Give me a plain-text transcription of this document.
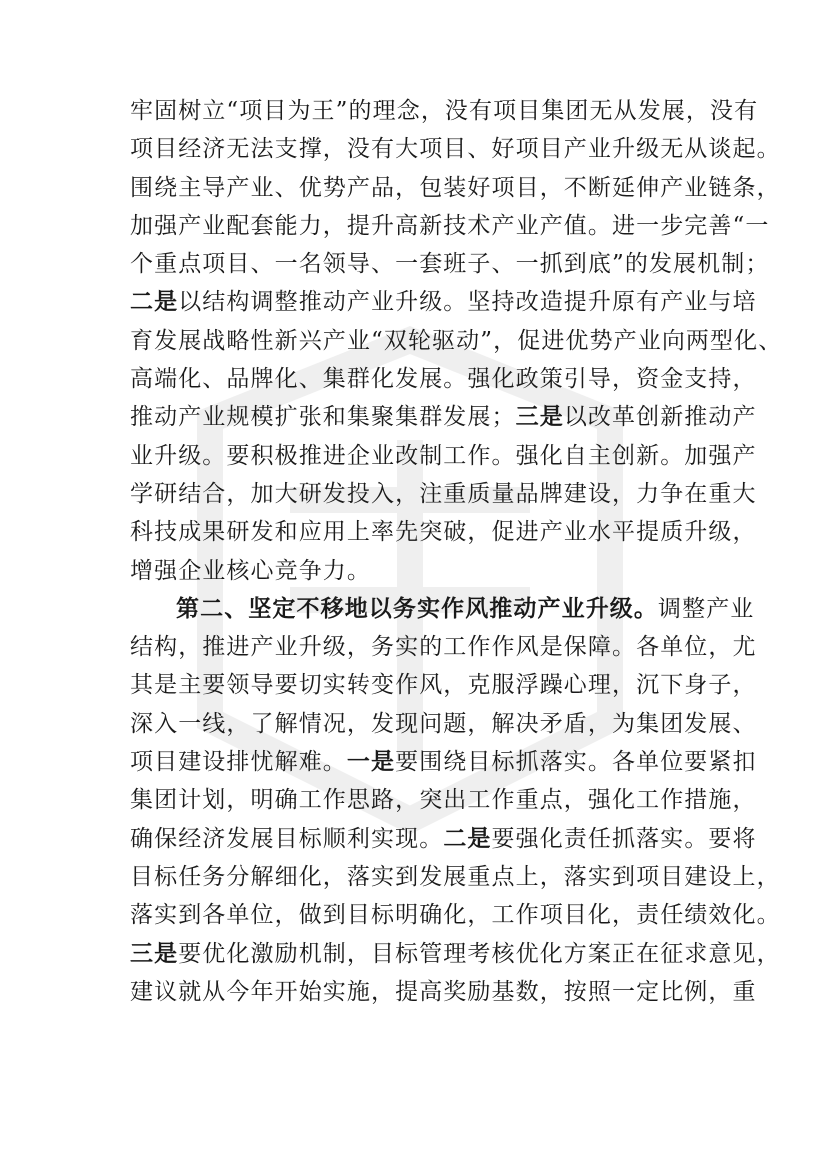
牢固树立“项目为王”的理念，没有项目集团无从发展，没有
项目经济无法支撑，没有大项目、好项目产业升级无从谈起。
围绕主导产业、优势产品，包装好项目，不断延伸产业链条，
加强产业配套能力，提升高新技术产业产值。进一步完善“一
个重点项目、一名领导、一套班子、一抓到底”的发展机制；
二是以结构调整推动产业升级。坚持改造提升原有产业与培
育发展战略性新兴产业“双轮驱动”，促进优势产业向两型化、
高端化、品牌化、集群化发展。强化政策引导，资金支持，
推动产业规模扩张和集聚集群发展；三是以改革创新推动产
业升级。要积极推进企业改制工作。强化自主创新。加强产
学研结合，加大研发投入，注重质量品牌建设，力争在重大
科技成果研发和应用上率先突破，促进产业水平提质升级，
增强企业核心竞争力。
第二、坚定不移地以务实作风推动产业升级。调整产业
结构，推进产业升级，务实的工作作风是保障。各单位，尤
其是主要领导要切实转变作风，克服浮躁心理，沉下身子，
深入一线，了解情况，发现问题，解决矛盾，为集团发展、
项目建设排忧解难。一是要围绕目标抓落实。各单位要紧扣
集团计划，明确工作思路，突出工作重点，强化工作措施，
确保经济发展目标顺利实现。二是要强化责任抓落实。要将
目标任务分解细化，落实到发展重点上，落实到项目建设上，
落实到各单位，做到目标明确化，工作项目化，责任绩效化。
三是要优化激励机制，目标管理考核优化方案正在征求意见，
建议就从今年开始实施，提高奖励基数，按照一定比例，重
